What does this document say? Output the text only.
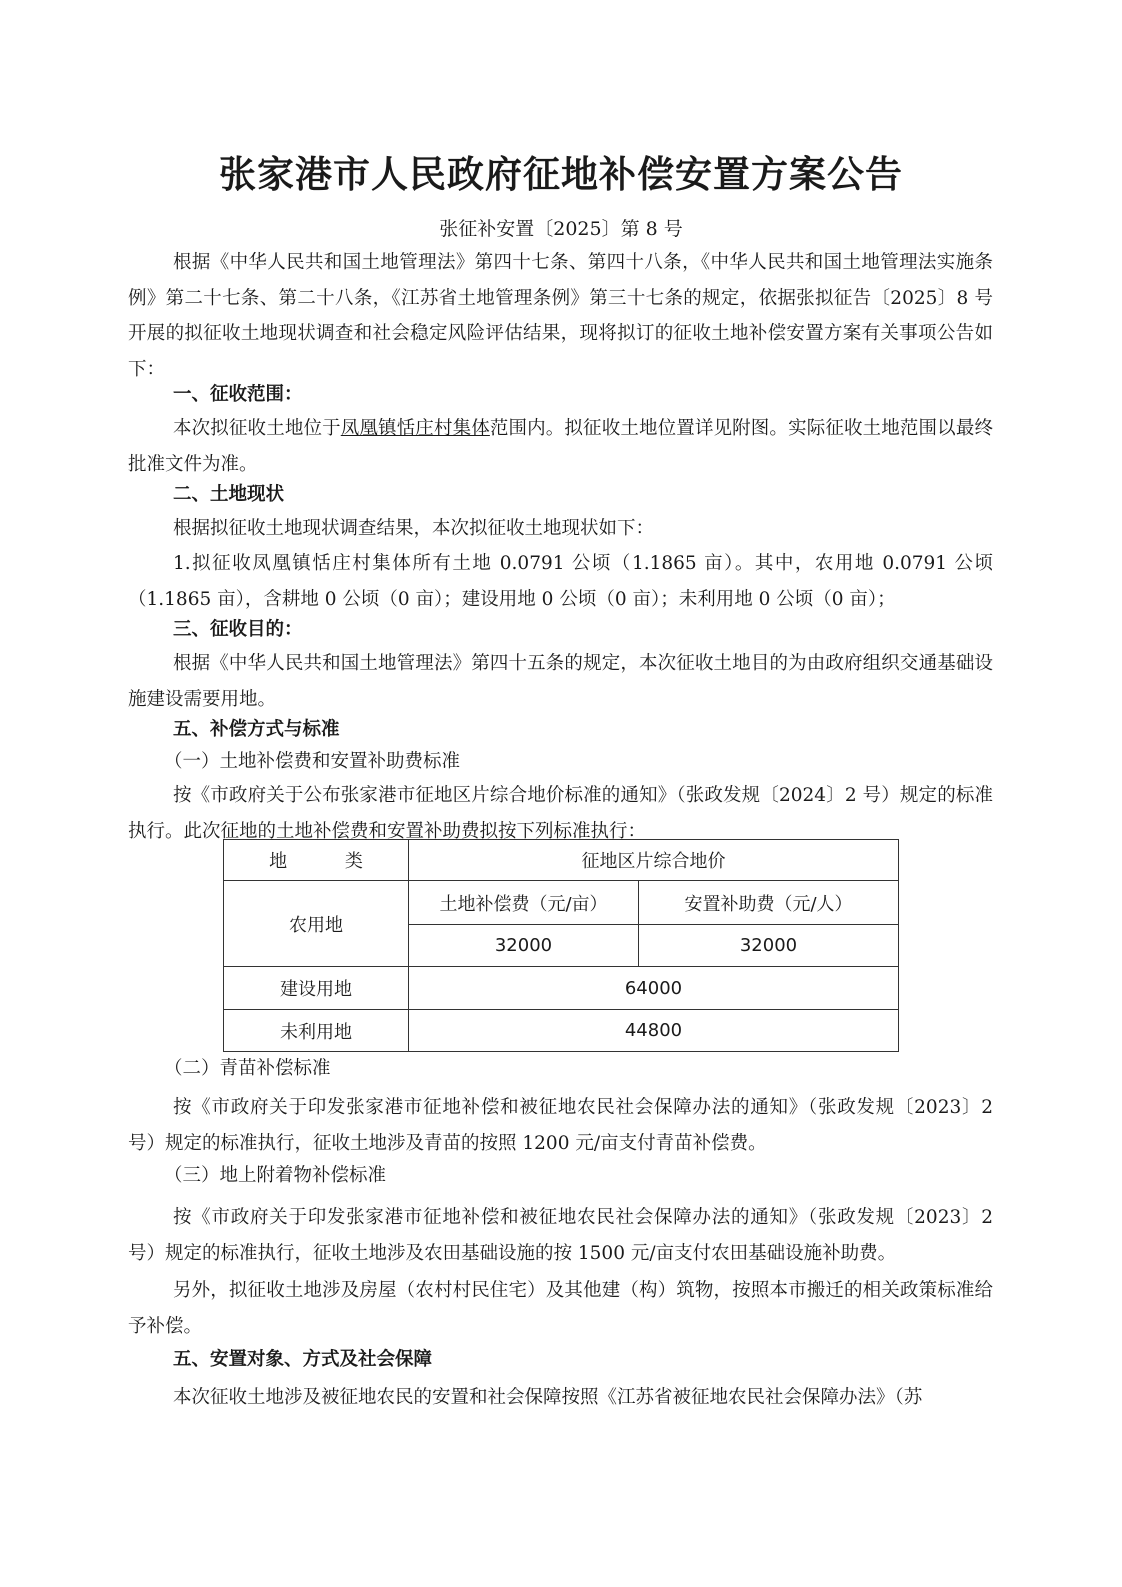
张家港市人民政府征地补偿安置方案公告

张征补安置〔2025〕第 8 号

根据《中华人民共和国土地管理法》第四十七条、第四十八条，《中华人民共和国土地管理法实施条例》第二十七条、第二十八条，《江苏省土地管理条例》第三十七条的规定，依据张拟征告〔2025〕8 号开展的拟征收土地现状调查和社会稳定风险评估结果，现将拟订的征收土地补偿安置方案有关事项公告如下：

一、征收范围：

本次拟征收土地位于凤凰镇恬庄村集体范围内。拟征收土地位置详见附图。实际征收土地范围以最终批准文件为准。

二、土地现状

根据拟征收土地现状调查结果，本次拟征收土地现状如下：

1.拟征收凤凰镇恬庄村集体所有土地 0.0791 公顷（1.1865 亩）。其中，农用地 0.0791 公顷（1.1865 亩），含耕地 0 公顷（0 亩）；建设用地 0 公顷（0 亩）；未利用地 0 公顷（0 亩）；

三、征收目的：

根据《中华人民共和国土地管理法》第四十五条的规定，本次征收土地目的为由政府组织交通基础设施建设需要用地。

五、补偿方式与标准

（一）土地补偿费和安置补助费标准

按《市政府关于公布张家港市征地区片综合地价标准的通知》（张政发规〔2024〕2 号）规定的标准执行。此次征地的土地补偿费和安置补助费拟按下列标准执行：

地 类	征地区片综合地价	
农用地	土地补偿费（元/亩）	安置补助费（元/人）
	32000	32000
建设用地	64000	
未利用地	44800	

（二）青苗补偿标准

按《市政府关于印发张家港市征地补偿和被征地农民社会保障办法的通知》（张政发规〔2023〕2 号）规定的标准执行，征收土地涉及青苗的按照 1200 元/亩支付青苗补偿费。

（三）地上附着物补偿标准

按《市政府关于印发张家港市征地补偿和被征地农民社会保障办法的通知》（张政发规〔2023〕2 号）规定的标准执行，征收土地涉及农田基础设施的按 1500 元/亩支付农田基础设施补助费。

另外，拟征收土地涉及房屋（农村村民住宅）及其他建（构）筑物，按照本市搬迁的相关政策标准给予补偿。

五、安置对象、方式及社会保障

本次征收土地涉及被征地农民的安置和社会保障按照《江苏省被征地农民社会保障办法》（苏
